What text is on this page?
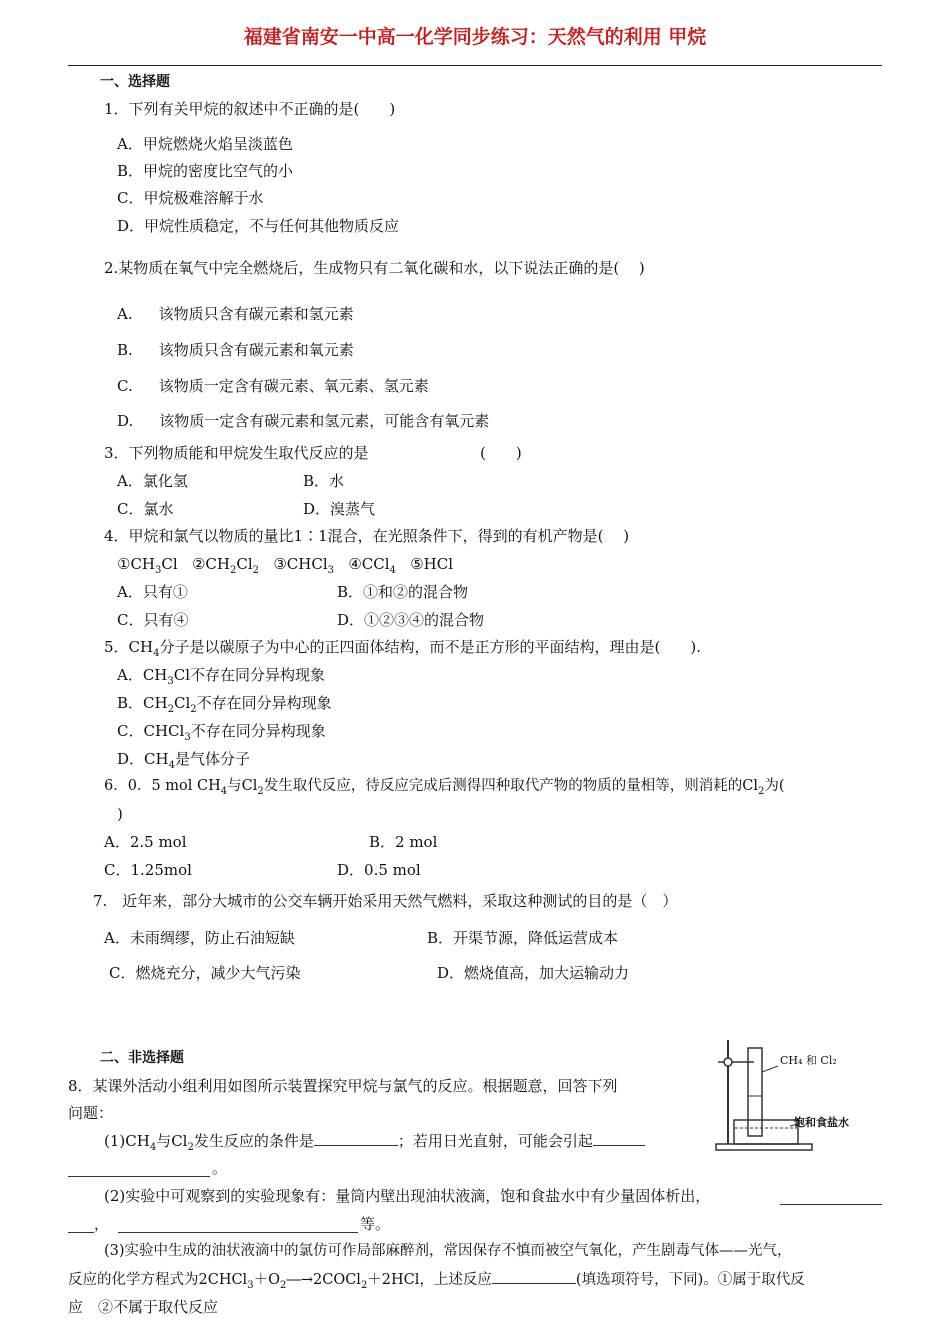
福建省南安一中高一化学同步练习：天然气的利用 甲烷
一、选择题
1．下列有关甲烷的叙述中不正确的是(　　)
A．甲烷燃烧火焰呈淡蓝色
B．甲烷的密度比空气的小
C．甲烷极难溶解于水
D．甲烷性质稳定，不与任何其他物质反应
2.某物质在氧气中完全燃烧后，生成物只有二氧化碳和水，以下说法正确的是( 　)
A. 该物质只含有碳元素和氢元素
B. 该物质只含有碳元素和氧元素
C. 该物质一定含有碳元素、氧元素、氢元素
D. 该物质一定含有碳元素和氢元素，可能含有氧元素
3．下列物质能和甲烷发生取代反应的是	(　　)
A．氯化氢	B．水
C．氯水	D．溴蒸气
4．甲烷和氯气以物质的量比1∶1混合，在光照条件下，得到的有机产物是( 　)
$①CH_3Cl$ $②CH_2Cl_2$ ③CHCl$_3$ ④CCl$_4$ ⑤HCl
A．只有①	B．①和②的混合物
C．只有④	D．①②③④的混合物
5．$CH_4$分子是以碳原子为中心的正四面体结构，而不是正方形的平面结构，理由是(　　).
A．$CH_3Cl$不存在同分异构现象
B．$CH_2Cl_2$不存在同分异构现象
C．CHCl$_3$不存在同分异构现象
D．$CH_4$是气体分子
6．0．5 mol $CH_4$与$Cl_2$发生取代反应，待反应完成后测得四种取代产物的物质的量相等，则消耗的$Cl_2$为(
)
A．2.5 mol	B．2 mol
C．1.25mol	D．0.5 mol
7.　近年来，部分大城市的公交车辆开始采用天然气燃料，采取这种测试的目的是（　）
A．未雨绸缪，防止石油短缺	B．开渠节源，降低运营成本
C．燃烧充分，减少大气污染	D．燃烧值高，加大运输动力
二、非选择题
8．某课外活动小组利用如图所示装置探究甲烷与氯气的反应。根据题意，回答下列
问题：
$(1)CH_4$与$Cl_2$发生反应的条件是	；若用日光直射，可能会引起
。
(2)实验中可观察到的实验现象有：量筒内壁出现油状液滴，饱和食盐水中有少量固体析出，
，	等。
(3)实验中生成的油状液滴中的氯仿可作局部麻醉剂，常因保存不慎而被空气氧化，产生剧毒气体——光气，
反应的化学方程式为$2CHCl_3+O_2―\to 2COCl_2+2HCl$，上述反应	(填选项符号，下同)。①属于取代反
应　②不属于取代反应
CH₄ 和 Cl₂
饱和食盐水
